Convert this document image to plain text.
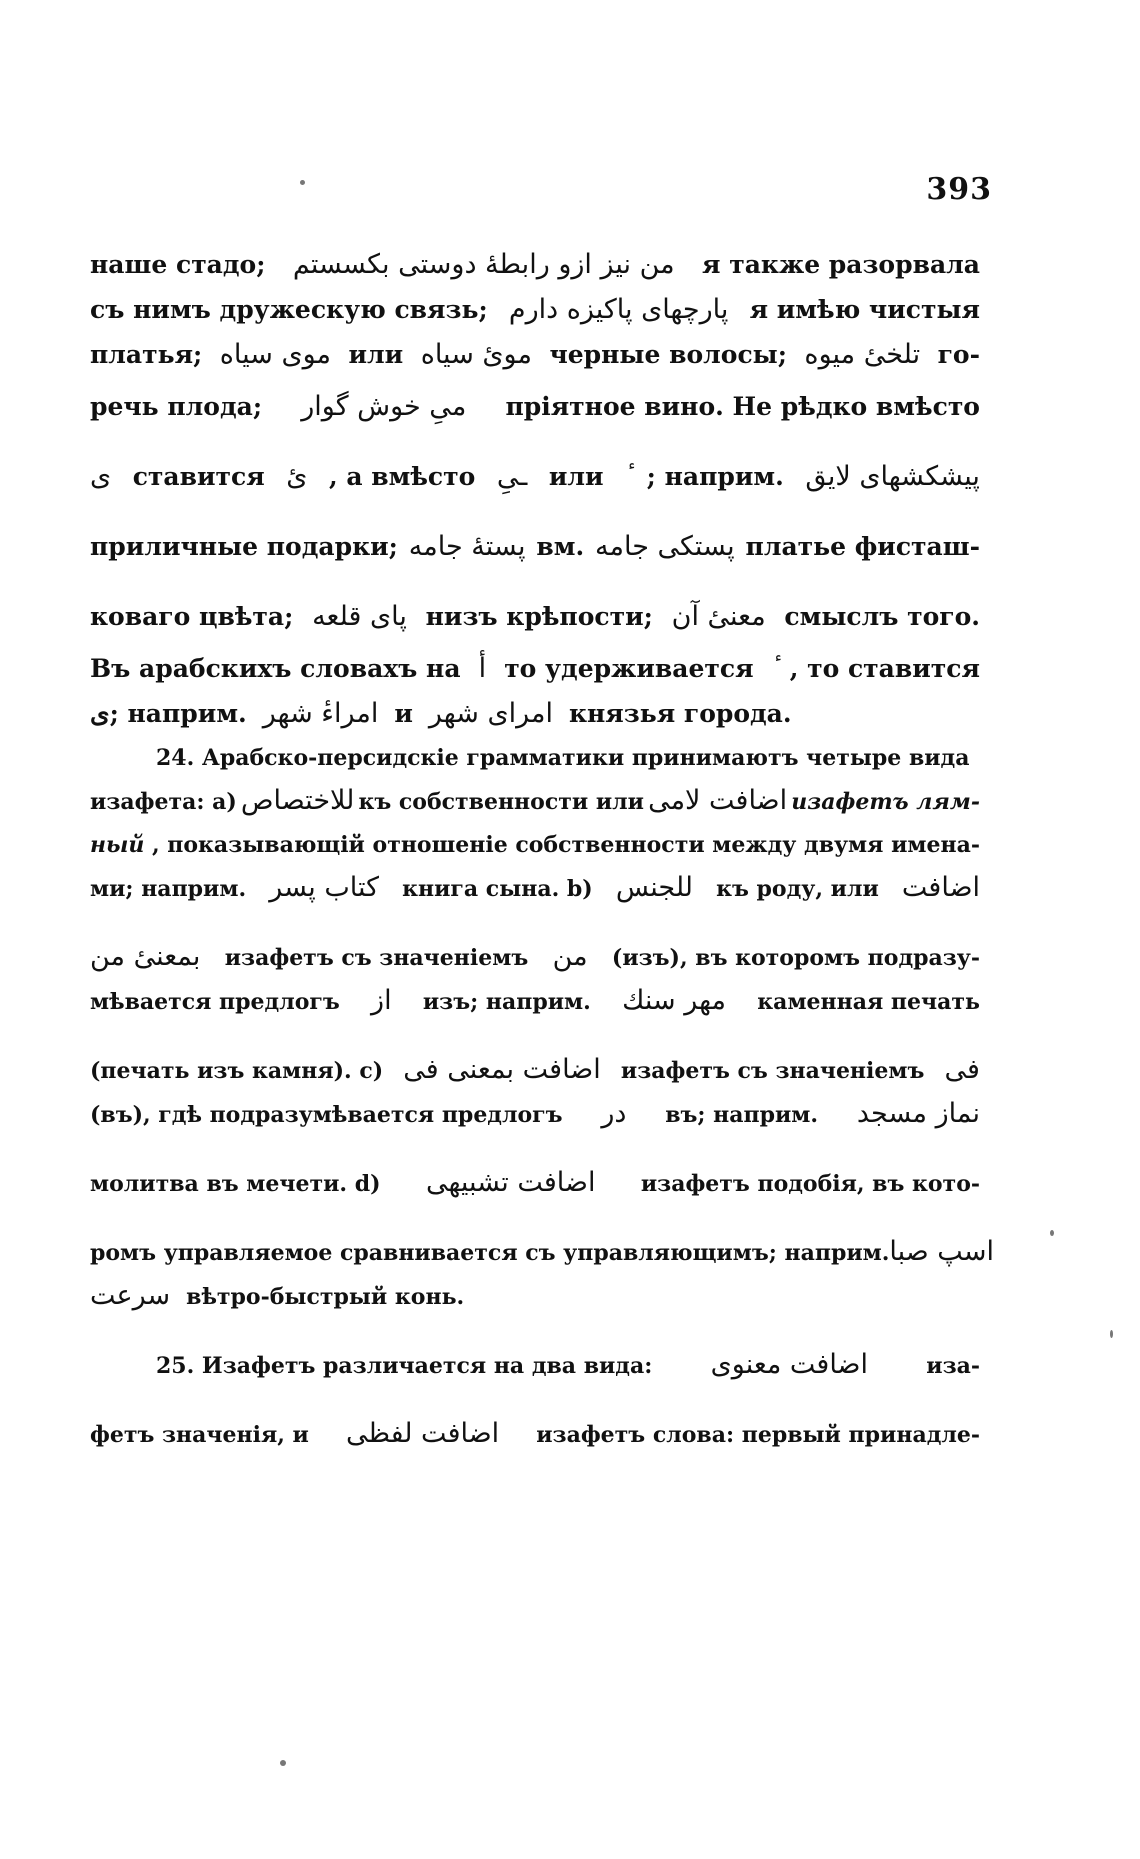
393
наше стадо; من نیز ازو رابطهٔ دوستی بکسستم я также разорвала
съ нимъ дружескую связь; پارچهای پاکیزه دارم я имѣю чистыя
платья; موی سیاه или مویٔ سیاه черные волосы; تلخیٔ میوه го-
речь плода; میِ خوش گوار пріятное вино. Не рѣдко вмѣсто
ی ставится یٔ , а вмѣсто ـیِ или ; наприм. پیشکشهای لایق
приличные подарки; پستهٔ جامه вм. پستکی جامه платье фисташ-
коваго цвѣта; پای قلعه низъ крѣпости; معنیٔ آن смыслъ того.
Въ арабскихъ словахъ на أ то удерживается , то ставится
ی; наприм. امراءٔ شهر и امرای شهر князья города.
24. Арабско-персидскіе грамматики принимаютъ четыре вида
изафета: a) للاختصاص къ собственности или اضافت لامی изафетъ лям-
ный , показывающій отношеніе собственности между двумя имена-
ми; наприм. کتاب پسر книга сына. b) للجنس къ роду, или اضافت
بمعنیٔ من изафетъ съ значеніемъ من (изъ), въ которомъ подразу-
мѣвается предлогъ از изъ; наприм. مهر سنك каменная печать
(печать изъ камня). c) اضافت بمعنی فی изафетъ съ значеніемъ فی
(въ), гдѣ подразумѣвается предлогъ در въ; наприм. نماز مسجد
молитва въ мечети. d) اضافت تشبیهی изафетъ подобія, въ кото-
ромъ управляемое сравнивается съ управляющимъ; наприм. اسپ صبا
سرعت вѣтро-быстрый конь.
25. Изафетъ различается на два вида: اضافت معنوی	иза-
фетъ значенія, и اضافت لفظی изафетъ слова: первый принадле-
